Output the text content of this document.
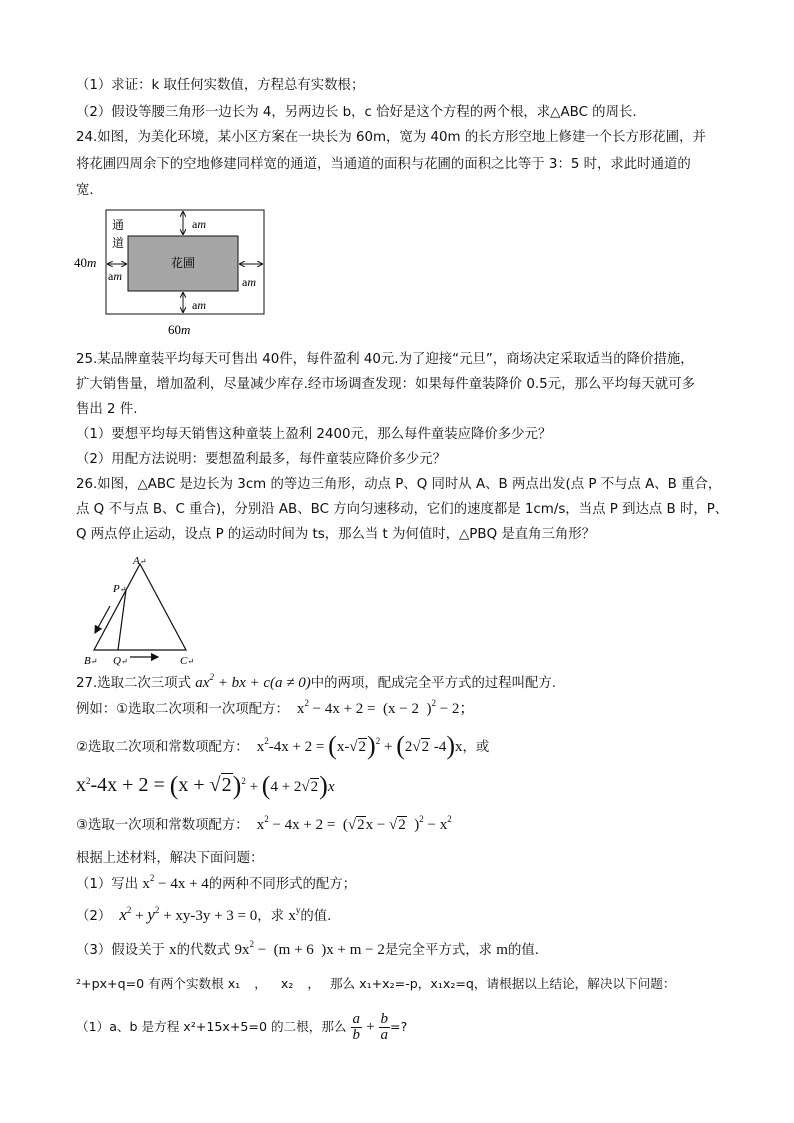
（1）求证：k 取任何实数值，方程总有实数根；
（2）假设等腰三角形一边长为 4，另两边长 b，c 恰好是这个方程的两个根，求△ABC 的周长.
24.如图，为美化环境，某小区方案在一块长为 60m，宽为 40m 的长方形空地上修建一个长方形花圃，并
将花圃四周余下的空地修建同样宽的通道，当通道的面积与花圃的面积之比等于 3：5 时，求此时通道的
宽.
花圃
通
道
am
am	am
am
40m
60m
25.某品牌童装平均每天可售出 40件，每件盈利 40元.为了迎接“元旦”，商场决定采取适当的降价措施，
扩大销售量，增加盈利，尽量减少库存.经市场调查发现：如果每件童装降价 0.5元，那么平均每天就可多
售出 2 件.
（1）要想平均每天销售这种童装上盈利 2400元，那么每件童装应降价多少元？
（2）用配方法说明：要想盈利最多，每件童装应降价多少元？
26.如图，△ABC 是边长为 3cm 的等边三角形，动点 P、Q 同时从 A、B 两点出发(点 P 不与点 A、B 重合，
点 Q 不与点 B、C 重合)，分别沿 AB、BC 方向匀速移动，它们的速度都是 1cm/s，当点 P 到达点 B 时，P、
Q 两点停止运动，设点 P 的运动时间为 ts，那么当 t 为何值时，△PBQ 是直角三角形？
A↵
P↵
B↵ Q↵	C↵
27.选取二次三项式 $ax^2$ + bx + c(a ≠ 0)中的两项，配成完全平方式的过程叫配方.
例如：①选取二次项和一次项配方：  $x^2 - 4x + 2 = (x - 2$  )$^2$ − 2；
②选取二次项和常数项配方：  $x^2-4x + 2 = (x-√2)^2 + (2√2$ -4)x，或
$x^2-4x + 2 = (x + √2)^2 + (4 + 2√2)x$
③选取一次项和常数项配方：  $x^2 - 4x + 2 = (√2x - √2$  )$^2 - x^2$
根据上述材料，解决下面问题：
（1）写出 $x^2 - 4x + 4$的两种不同形式的配方；
（2） $x^2 + y^2 + xy-3y + 3 = 0$，求 $x^y$的值.
（3）假设关于 x的代数式 $9x^2 - (m + 6$  )x + m − 2是完全平方式，求 m的值.
²+px+q=0 有两个实数根 x₁ ， x₂ ， 那么 x₁+x₂=-p，x₁x₂=q，请根据以上结论，解决以下问题：
（1）a、b 是方程 x²+15x+5=0 的二根，那么 $\frac{a}{b} + \frac{b}{a}$ =?
